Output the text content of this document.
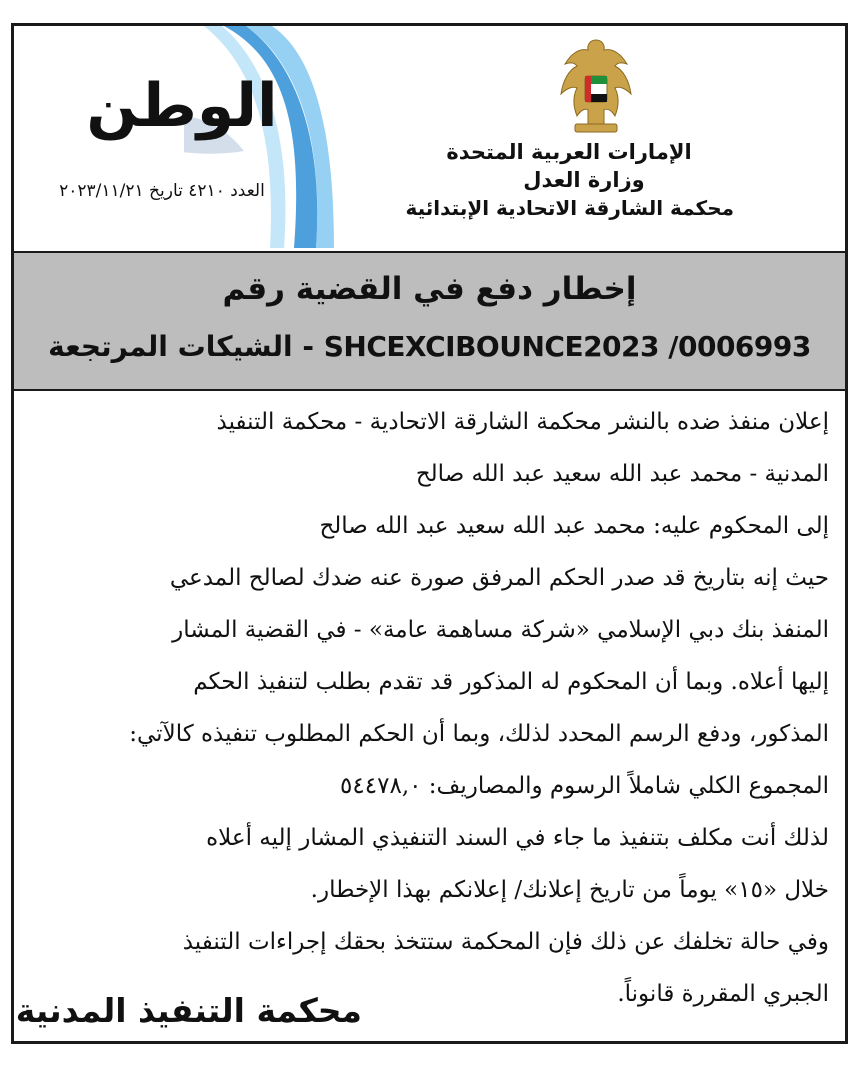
الوطن
العدد ٤٢١٠ تاريخ ٢٠٢٣/١١/٢١
الإمارات العربية المتحدة
وزارة العدل
محكمة الشارقة الاتحادية الإبتدائية
إخطار دفع في القضية رقم
SHCEXCIBOUNCE2023 /0006993 - الشيكات المرتجعة

إعلان منفذ ضده بالنشر محكمة الشارقة الاتحادية - محكمة التنفيذ

المدنية - محمد عبد الله سعيد عبد الله صالح

إلى المحكوم عليه: محمد عبد الله سعيد عبد الله صالح

حيث إنه بتاريخ قد صدر الحكم المرفق صورة عنه ضدك لصالح المدعي

المنفذ بنك دبي الإسلامي «شركة مساهمة عامة» - في القضية المشار

إليها أعلاه. وبما أن المحكوم له المذكور قد تقدم بطلب لتنفيذ الحكم

المذكور، ودفع الرسم المحدد لذلك، وبما أن الحكم المطلوب تنفيذه كالآتي:

المجموع الكلي شاملاً الرسوم والمصاريف: ٥٤٤٧٨,٠

لذلك أنت مكلف بتنفيذ ما جاء في السند التنفيذي المشار إليه أعلاه

خلال «١٥» يوماً من تاريخ إعلانك/ إعلانكم بهذا الإخطار.

وفي حالة تخلفك عن ذلك فإن المحكمة ستتخذ بحقك إجراءات التنفيذ

الجبري المقررة قانوناً.

محكمة التنفيذ المدنية
